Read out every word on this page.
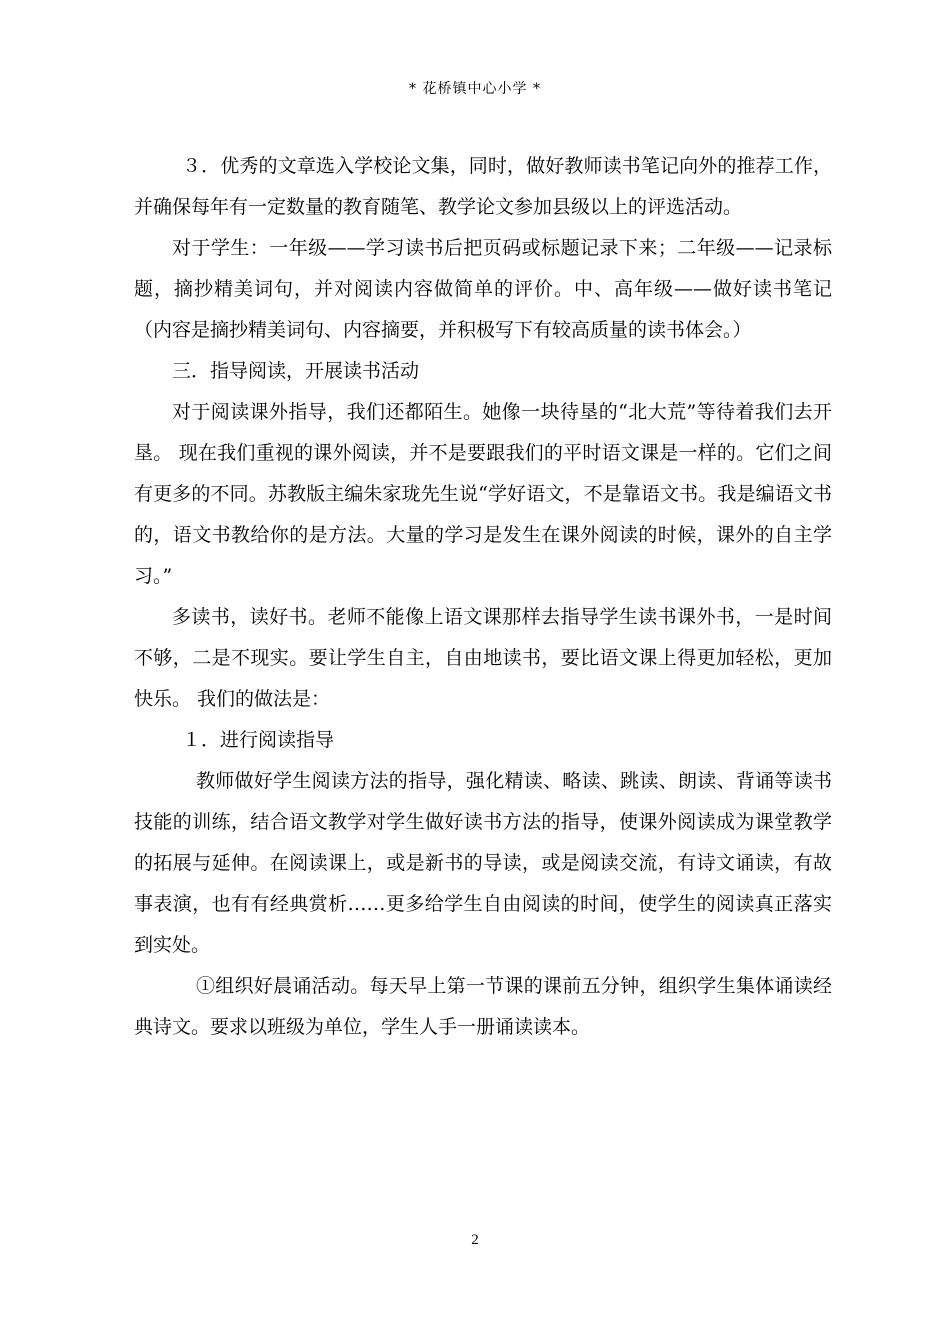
* 花桥镇中心小学 *

３．优秀的文章选入学校论文集，同时，做好教师读书笔记向外的推荐工作，并确保每年有一定数量的教育随笔、教学论文参加县级以上的评选活动。

对于学生：一年级——学习读书后把页码或标题记录下来；二年级——记录标题，摘抄精美词句，并对阅读内容做简单的评价。中、高年级——做好读书笔记（内容是摘抄精美词句、内容摘要，并积极写下有较高质量的读书体会。）

三．指导阅读，开展读书活动

对于阅读课外指导，我们还都陌生。她像一块待垦的“北大荒”等待着我们去开垦。 现在我们重视的课外阅读，并不是要跟我们的平时语文课是一样的。它们之间有更多的不同。苏教版主编朱家珑先生说“学好语文，不是靠语文书。我是编语文书的，语文书教给你的是方法。大量的学习是发生在课外阅读的时候，课外的自主学习。”

多读书，读好书。老师不能像上语文课那样去指导学生读书课外书，一是时间不够，二是不现实。要让学生自主，自由地读书，要比语文课上得更加轻松，更加快乐。 我们的做法是：

１．进行阅读指导

教师做好学生阅读方法的指导，强化精读、略读、跳读、朗读、背诵等读书技能的训练，结合语文教学对学生做好读书方法的指导，使课外阅读成为课堂教学的拓展与延伸。在阅读课上，或是新书的导读，或是阅读交流，有诗文诵读，有故事表演，也有有经典赏析……更多给学生自由阅读的时间，使学生的阅读真正落实到实处。

①组织好晨诵活动。每天早上第一节课的课前五分钟，组织学生集体诵读经典诗文。要求以班级为单位，学生人手一册诵读读本。

2
